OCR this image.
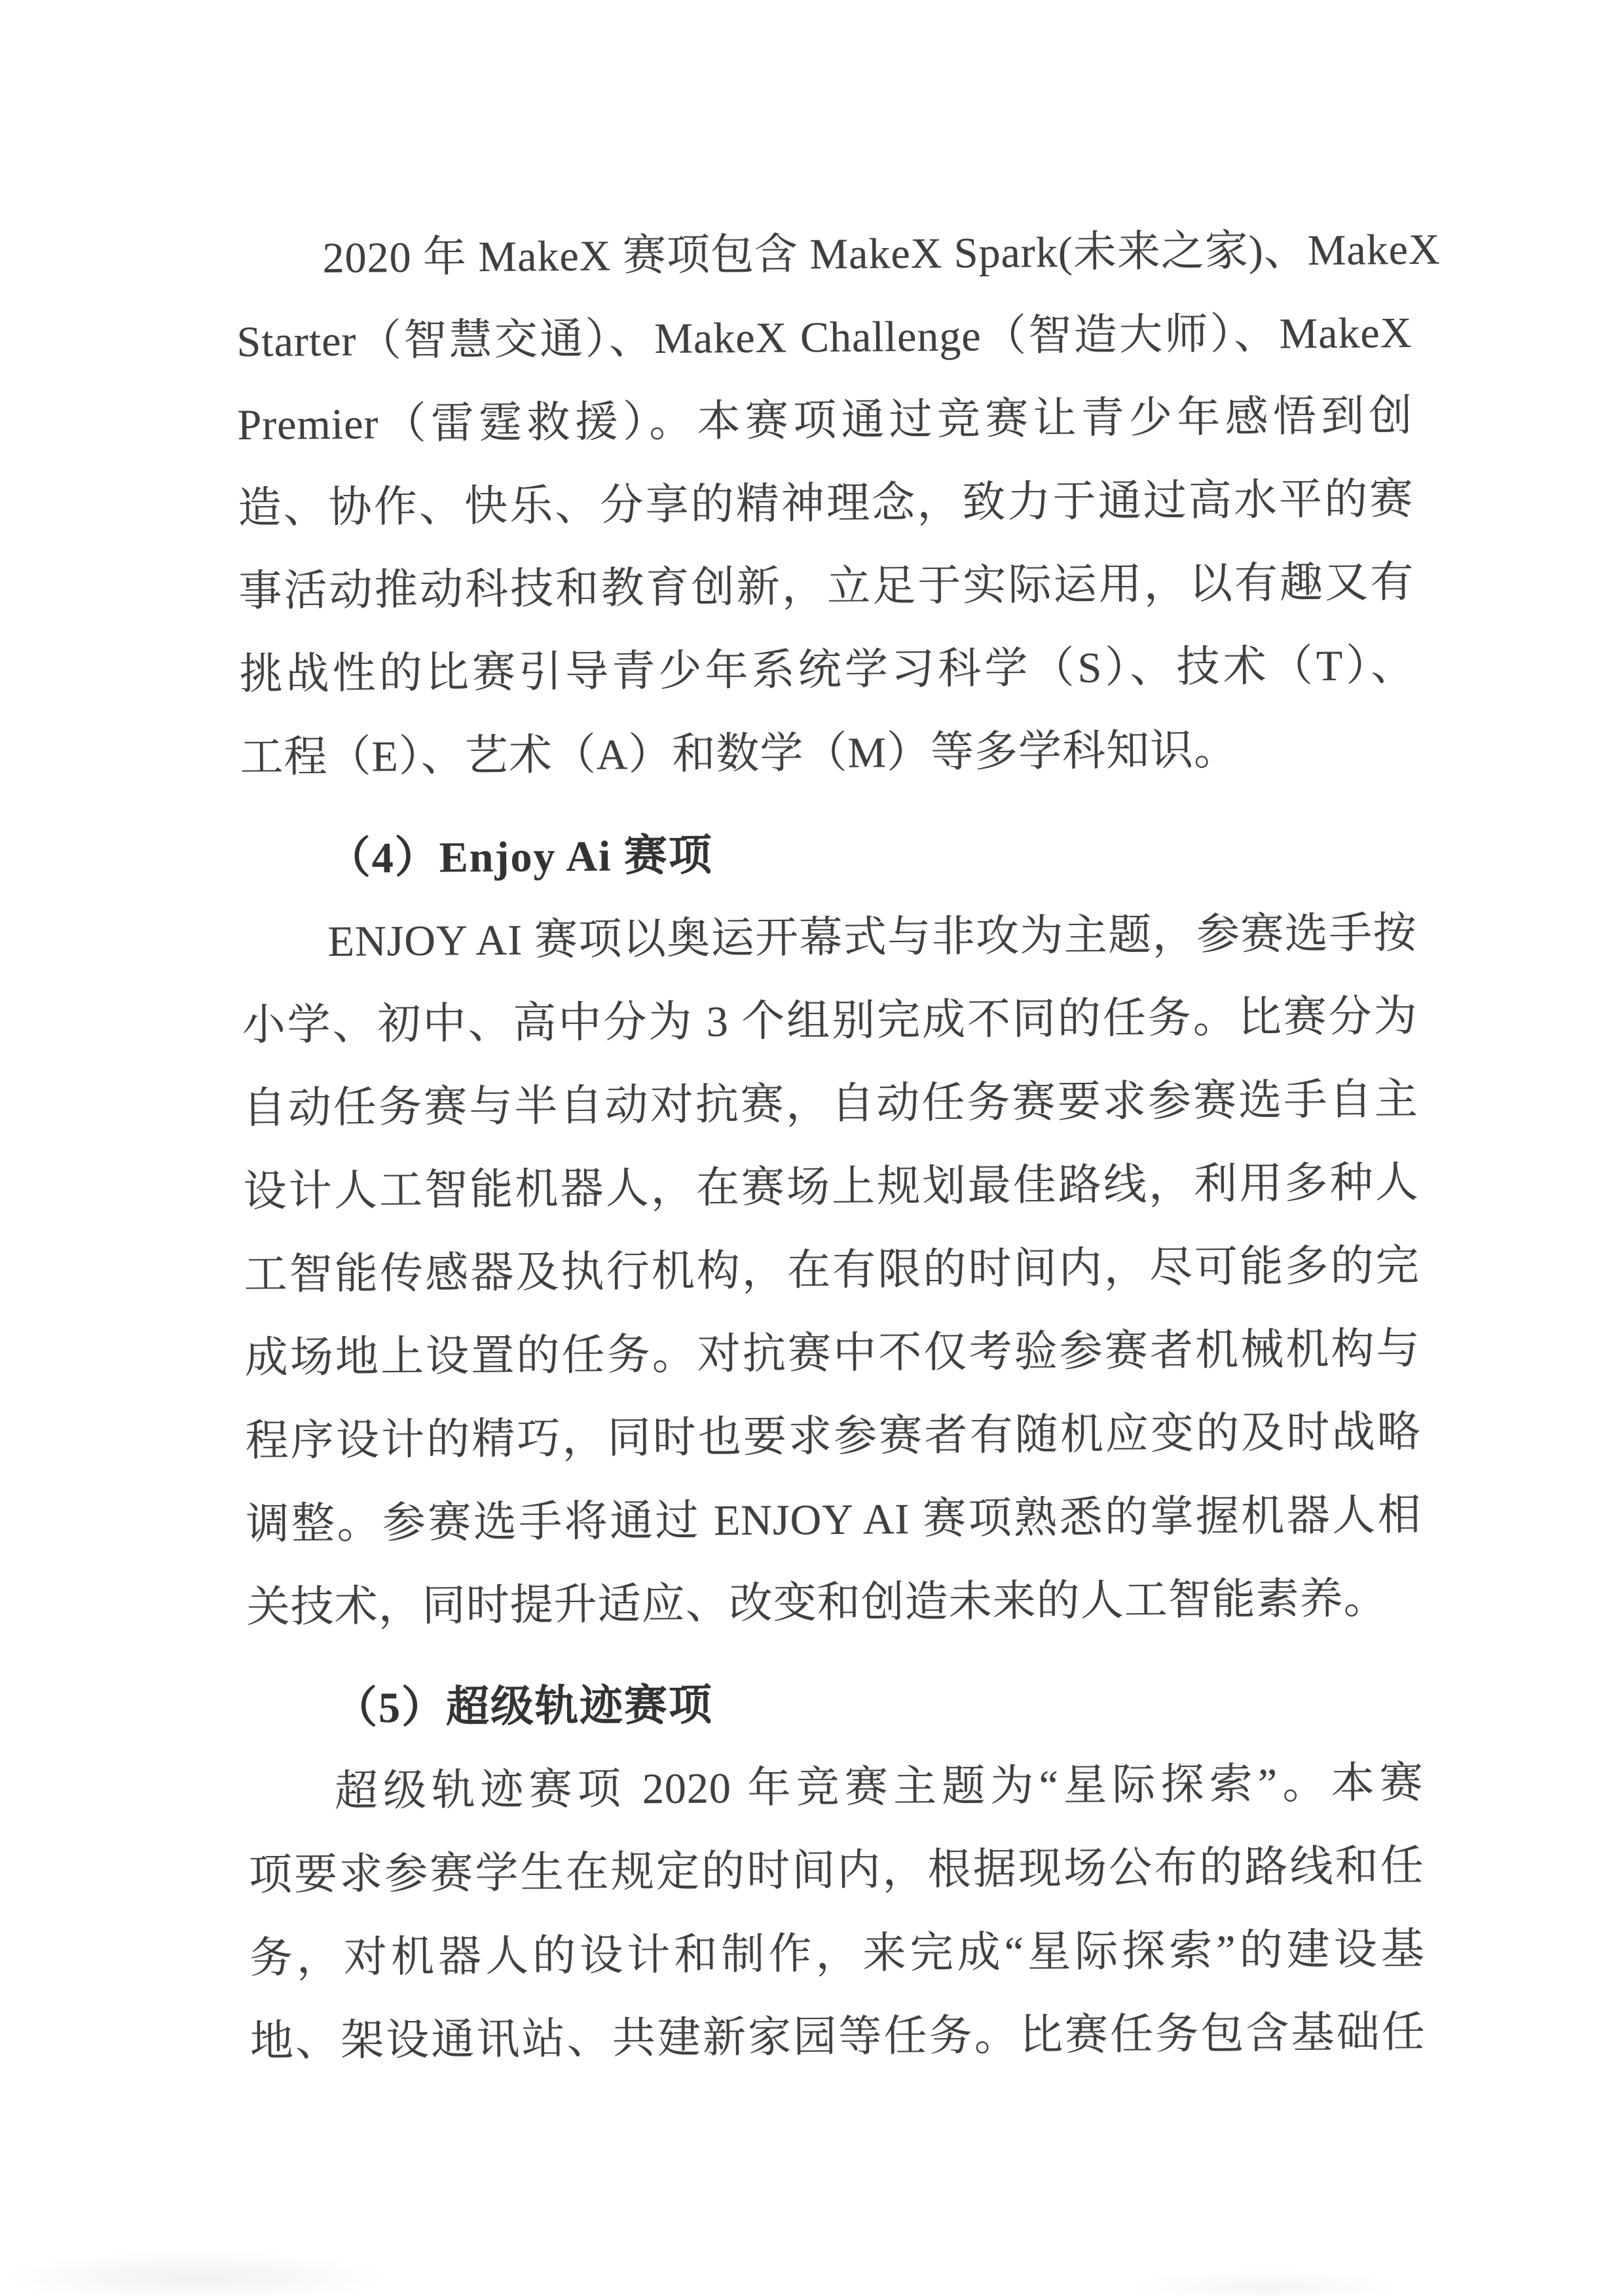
2020 年 MakeX 赛项包含 MakeX Spark(未来之家)、MakeX
Starter（智慧交通）、MakeX Challenge（智造大师）、MakeX
Premier（雷霆救援）。本赛项通过竞赛让青少年感悟到创
造、协作、快乐、分享的精神理念，致力于通过高水平的赛
事活动推动科技和教育创新，立足于实际运用，以有趣又有
挑战性的比赛引导青少年系统学习科学（S）、技术（T）、
工程（E）、艺术（A）和数学（M）等多学科知识。
（4）Enjoy Ai 赛项
ENJOY AI 赛项以奥运开幕式与非攻为主题，参赛选手按
小学、初中、高中分为 3 个组别完成不同的任务。比赛分为
自动任务赛与半自动对抗赛，自动任务赛要求参赛选手自主
设计人工智能机器人，在赛场上规划最佳路线，利用多种人
工智能传感器及执行机构，在有限的时间内，尽可能多的完
成场地上设置的任务。对抗赛中不仅考验参赛者机械机构与
程序设计的精巧，同时也要求参赛者有随机应变的及时战略
调整。参赛选手将通过 ENJOY AI 赛项熟悉的掌握机器人相
关技术，同时提升适应、改变和创造未来的人工智能素养。
（5）超级轨迹赛项
超级轨迹赛项 2020 年竞赛主题为“星际探索”。本赛
项要求参赛学生在规定的时间内，根据现场公布的路线和任
务，对机器人的设计和制作，来完成“星际探索”的建设基
地、架设通讯站、共建新家园等任务。比赛任务包含基础任
